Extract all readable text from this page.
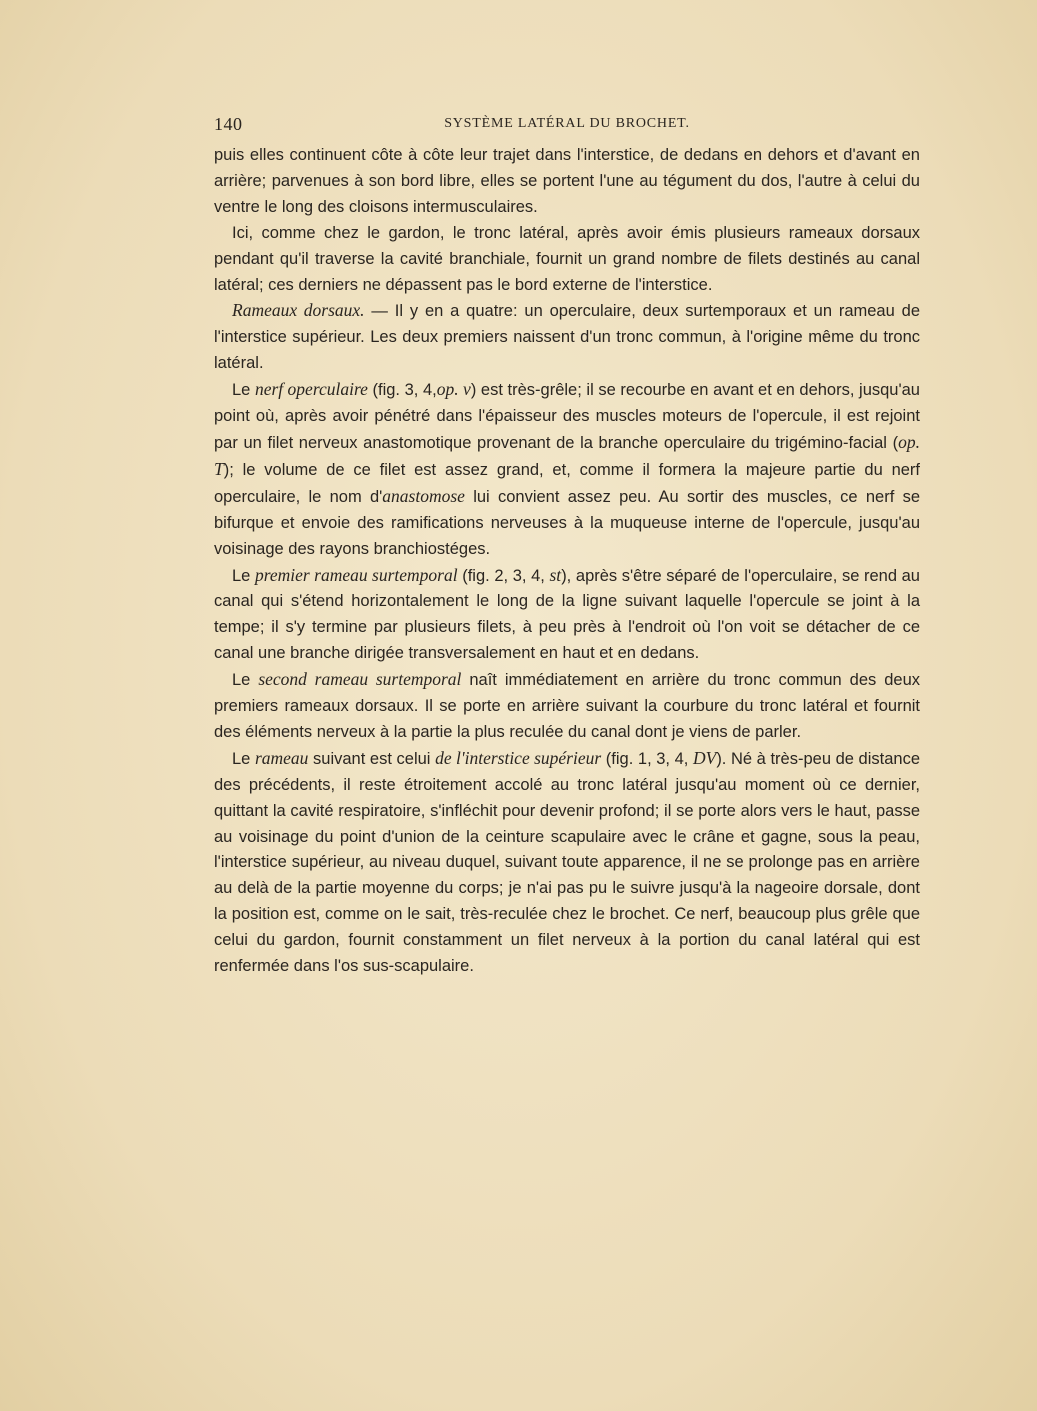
140	SYSTÈME LATÉRAL DU BROCHET.

puis elles continuent côte à côte leur trajet dans l'interstice, de dedans en dehors et d'avant en arrière; parvenues à son bord libre, elles se portent l'une au tégument du dos, l'autre à celui du ventre le long des cloisons intermusculaires.

Ici, comme chez le gardon, le tronc latéral, après avoir émis plusieurs rameaux dorsaux pendant qu'il traverse la cavité branchiale, fournit un grand nombre de filets destinés au canal latéral; ces derniers ne dépassent pas le bord externe de l'interstice.

Rameaux dorsaux. — Il y en a quatre: un operculaire, deux surtemporaux et un rameau de l'interstice supérieur. Les deux premiers naissent d'un tronc commun, à l'origine même du tronc latéral.

Le nerf operculaire (fig. 3, 4,op. v) est très-grêle; il se recourbe en avant et en dehors, jusqu'au point où, après avoir pénétré dans l'épaisseur des muscles moteurs de l'opercule, il est rejoint par un filet nerveux anastomotique provenant de la branche operculaire du trigémino-facial (op. T); le volume de ce filet est assez grand, et, comme il formera la majeure partie du nerf operculaire, le nom d'anastomose lui convient assez peu. Au sortir des muscles, ce nerf se bifurque et envoie des ramifications nerveuses à la muqueuse interne de l'opercule, jusqu'au voisinage des rayons branchiostéges.

Le premier rameau surtemporal (fig. 2, 3, 4, st), après s'être séparé de l'operculaire, se rend au canal qui s'étend horizontalement le long de la ligne suivant laquelle l'opercule se joint à la tempe; il s'y termine par plusieurs filets, à peu près à l'endroit où l'on voit se détacher de ce canal une branche dirigée transversalement en haut et en dedans.

Le second rameau surtemporal naît immédiatement en arrière du tronc commun des deux premiers rameaux dorsaux. Il se porte en arrière suivant la courbure du tronc latéral et fournit des éléments nerveux à la partie la plus reculée du canal dont je viens de parler.

Le rameau suivant est celui de l'interstice supérieur (fig. 1, 3, 4, DV). Né à très-peu de distance des précédents, il reste étroitement accolé au tronc latéral jusqu'au moment où ce dernier, quittant la cavité respiratoire, s'infléchit pour devenir profond; il se porte alors vers le haut, passe au voisinage du point d'union de la ceinture scapulaire avec le crâne et gagne, sous la peau, l'interstice supérieur, au niveau duquel, suivant toute apparence, il ne se prolonge pas en arrière au delà de la partie moyenne du corps; je n'ai pas pu le suivre jusqu'à la nageoire dorsale, dont la position est, comme on le sait, très-reculée chez le brochet. Ce nerf, beaucoup plus grêle que celui du gardon, fournit constamment un filet nerveux à la portion du canal latéral qui est renfermée dans l'os sus-scapulaire.
